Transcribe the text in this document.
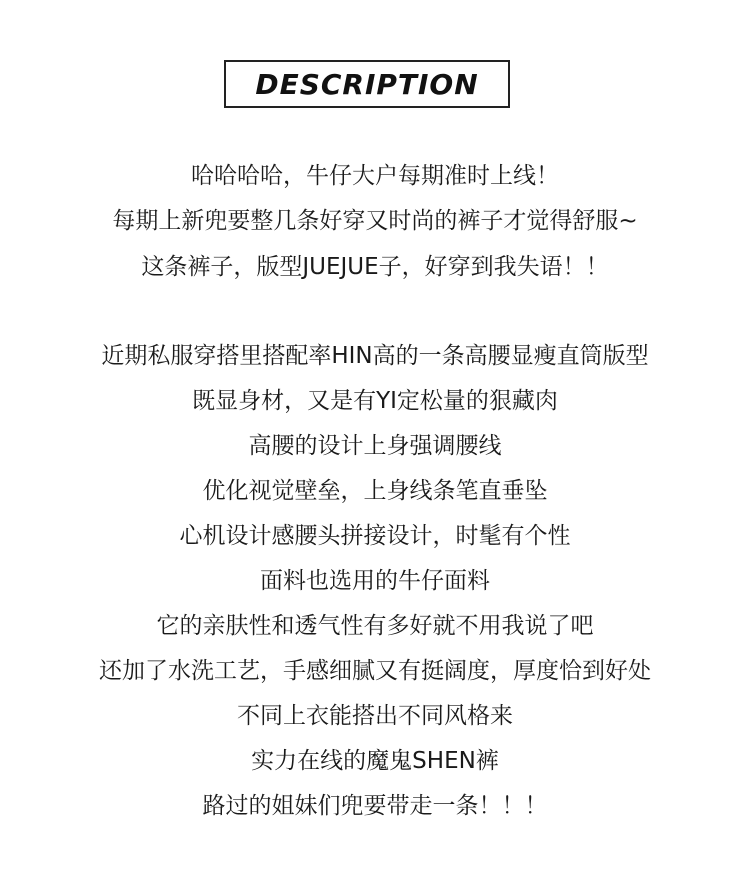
DESCRIPTION
哈哈哈哈，牛仔大户每期准时上线！
每期上新兜要整几条好穿又时尚的裤子才觉得舒服~
这条裤子，版型JUEJUE子，好穿到我失语！！
近期私服穿搭里搭配率HIN高的一条高腰显瘦直筒版型
既显身材，又是有YI定松量的狠藏肉
高腰的设计上身强调腰线
优化视觉壁垒，上身线条笔直垂坠
心机设计感腰头拼接设计，时髦有个性
面料也选用的牛仔面料
它的亲肤性和透气性有多好就不用我说了吧
还加了水洗工艺，手感细腻又有挺阔度，厚度恰到好处
不同上衣能搭出不同风格来
实力在线的魔鬼SHEN裤
路过的姐妹们兜要带走一条！！！
